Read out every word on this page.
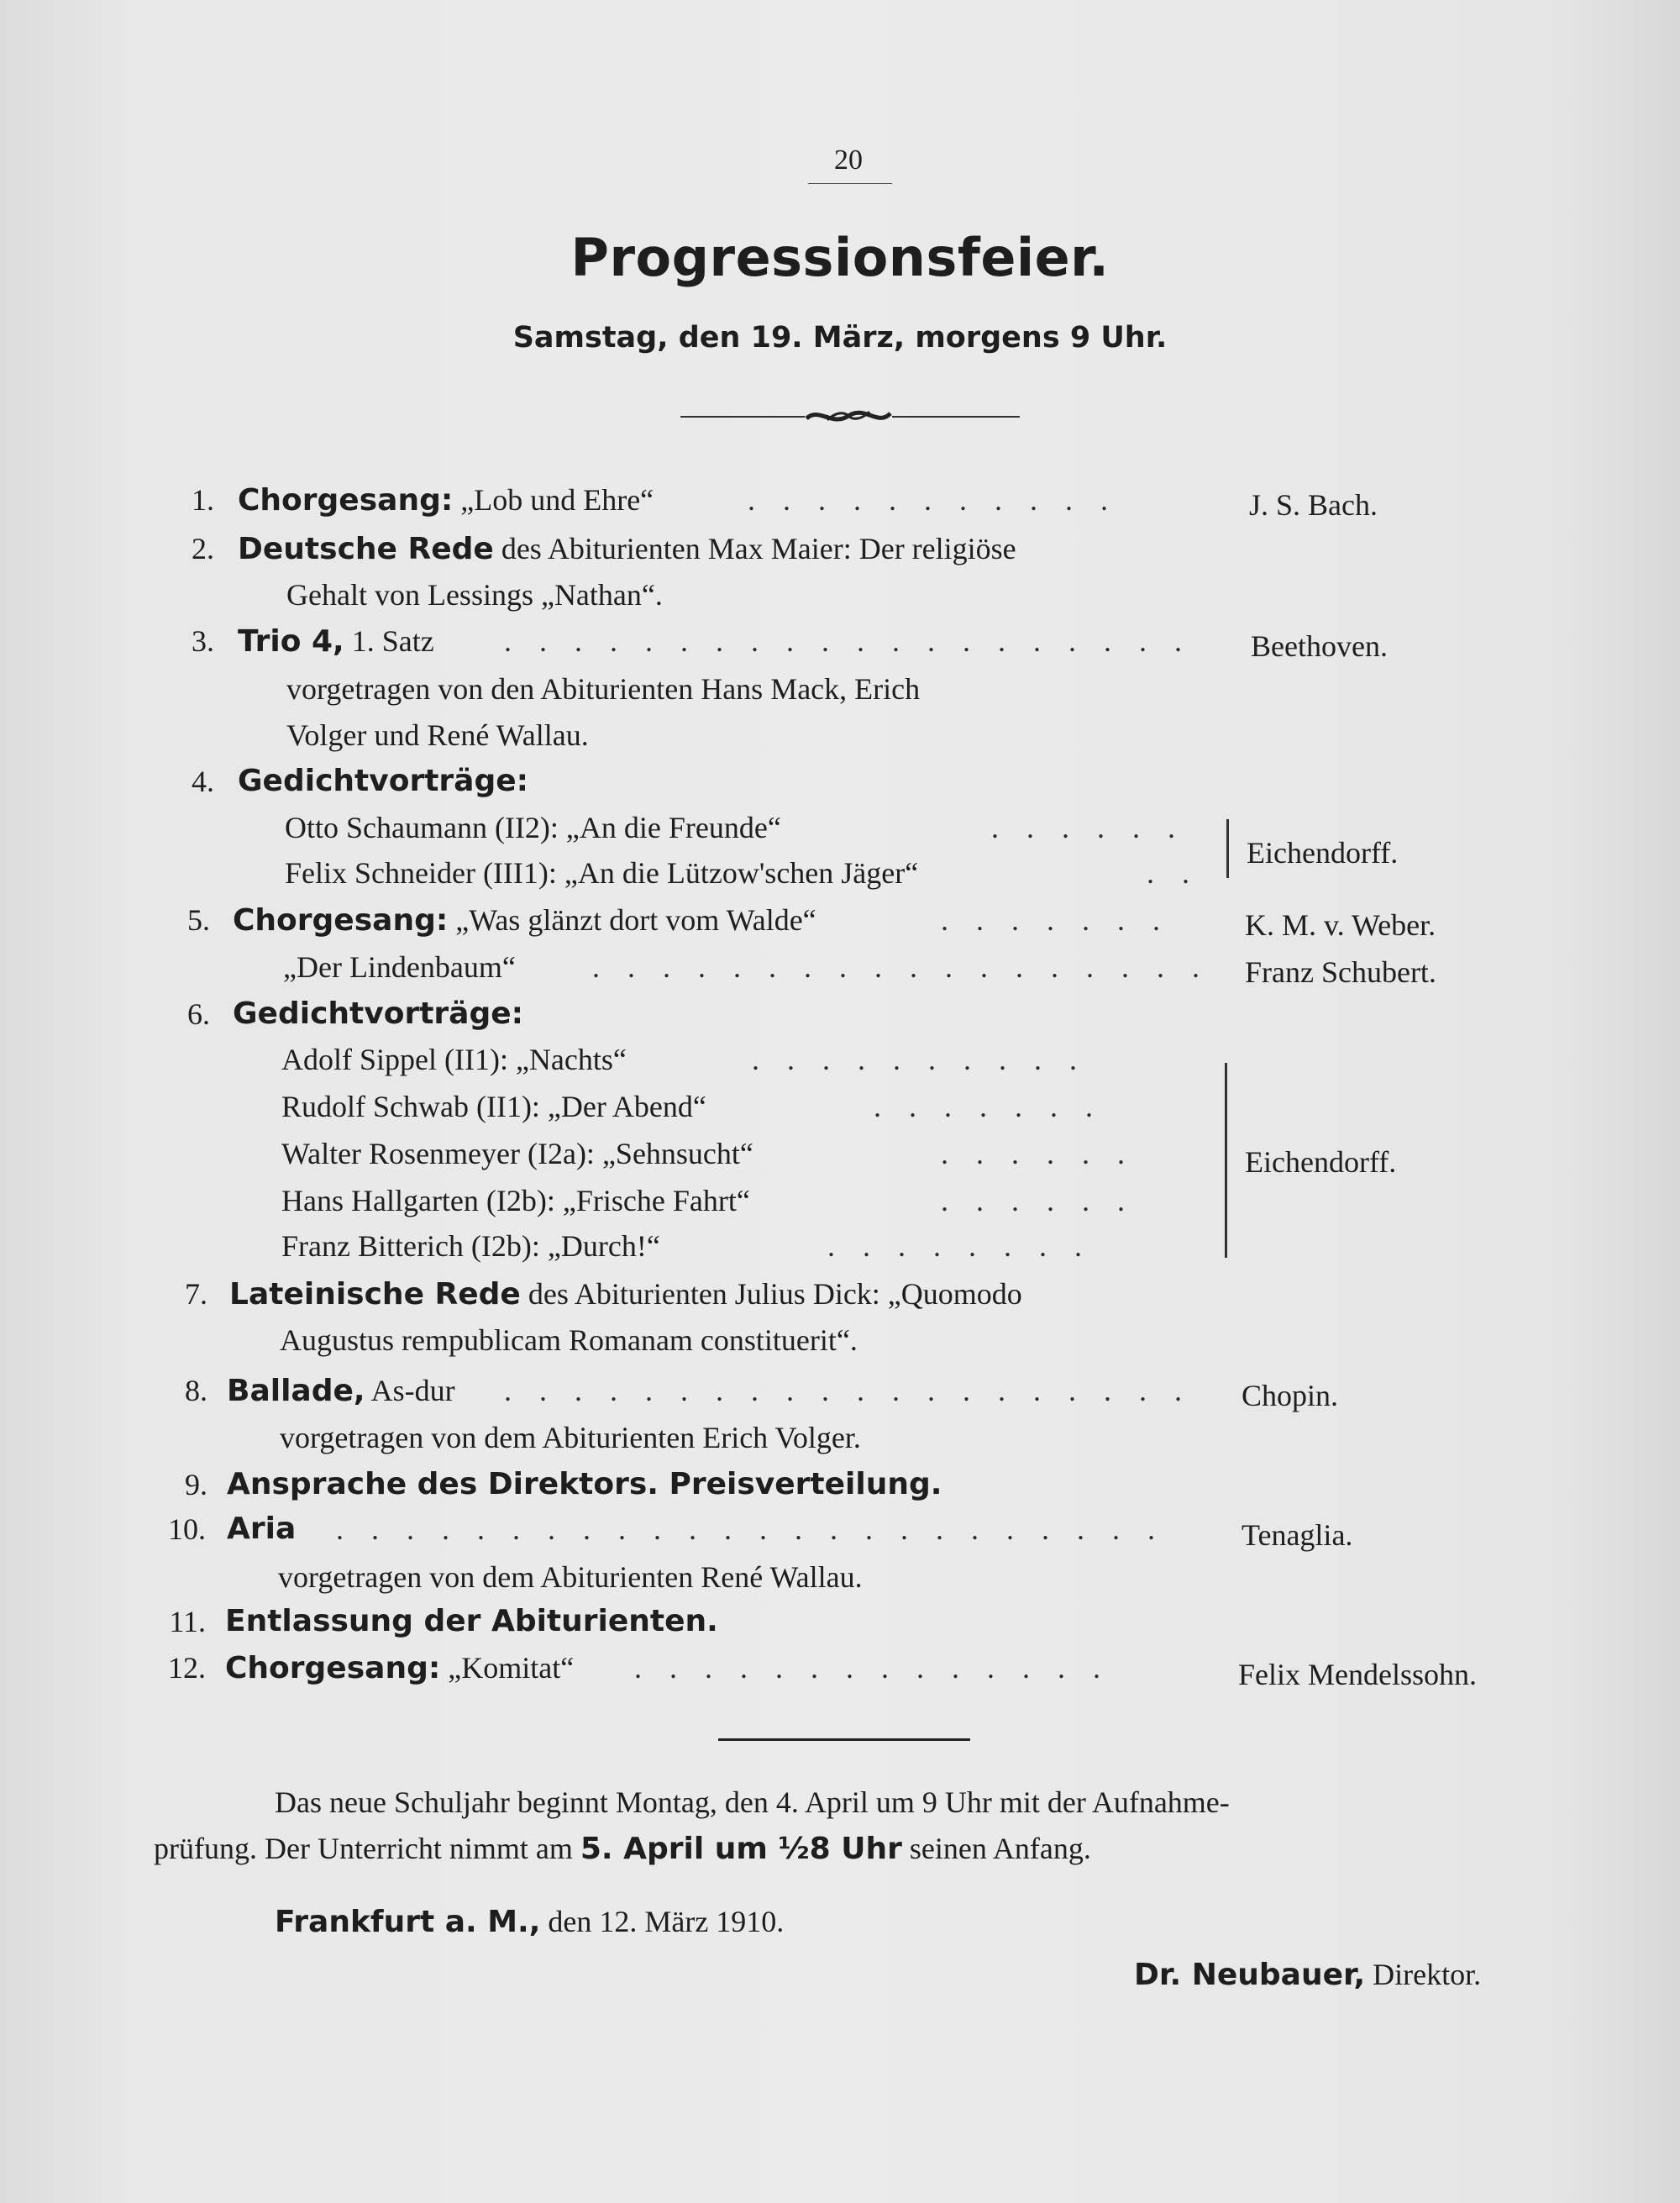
20
Progressionsfeier.
Samstag, den 19. März, morgens 9 Uhr.
1. Chorgesang: „Lob und Ehre“	. . . . . . . . . . .	J. S. Bach.
2. Deutsche Rede des Abiturienten Max Maier: Der religiöse
Gehalt von Lessings „Nathan“.
3. Trio 4, 1. Satz . . . . . . . . . . . . . . . . . . . . Beethoven.
vorgetragen von den Abiturienten Hans Mack, Erich
Volger und René Wallau.
4. Gedichtvorträge:
Otto Schaumann (II2): „An die Freunde“	. . . . . .
Felix Schneider (III1): „An die Lützow'schen Jäger“	. .
Eichendorff.
5. Chorgesang: „Was glänzt dort vom Walde“	. . . . . . . K. M. v. Weber.
„Der Lindenbaum“	. . . . . . . . . . . . . . . . . . Franz Schubert.
6. Gedichtvorträge:
Adolf Sippel (II1): „Nachts“	. . . . . . . . . .
Rudolf Schwab (II1): „Der Abend“	. . . . . . .
Walter Rosenmeyer (I2a): „Sehnsucht“	. . . . . .
Hans Hallgarten (I2b): „Frische Fahrt“	. . . . . .
Franz Bitterich (I2b): „Durch!“	. . . . . . . .
Eichendorff.
7. Lateinische Rede des Abiturienten Julius Dick: „Quomodo
Augustus rempublicam Romanam constituerit“.
8. Ballade, As-dur . . . . . . . . . . . . . . . . . . . . Chopin.
vorgetragen von dem Abiturienten Erich Volger.
9. Ansprache des Direktors. Preisverteilung.
10. Aria . . . . . . . . . . . . . . . . . . . . . . . .	Tenaglia.
vorgetragen von dem Abiturienten René Wallau.
11. Entlassung der Abiturienten.
12. Chorgesang: „Komitat“ . . . . . . . . . . . . . .	Felix Mendelssohn.
Das neue Schuljahr beginnt Montag, den 4. April um 9 Uhr mit der Aufnahme-
prüfung. Der Unterricht nimmt am 5. April um ½8 Uhr seinen Anfang.
Frankfurt a. M., den 12. März 1910.
Dr. Neubauer, Direktor.
